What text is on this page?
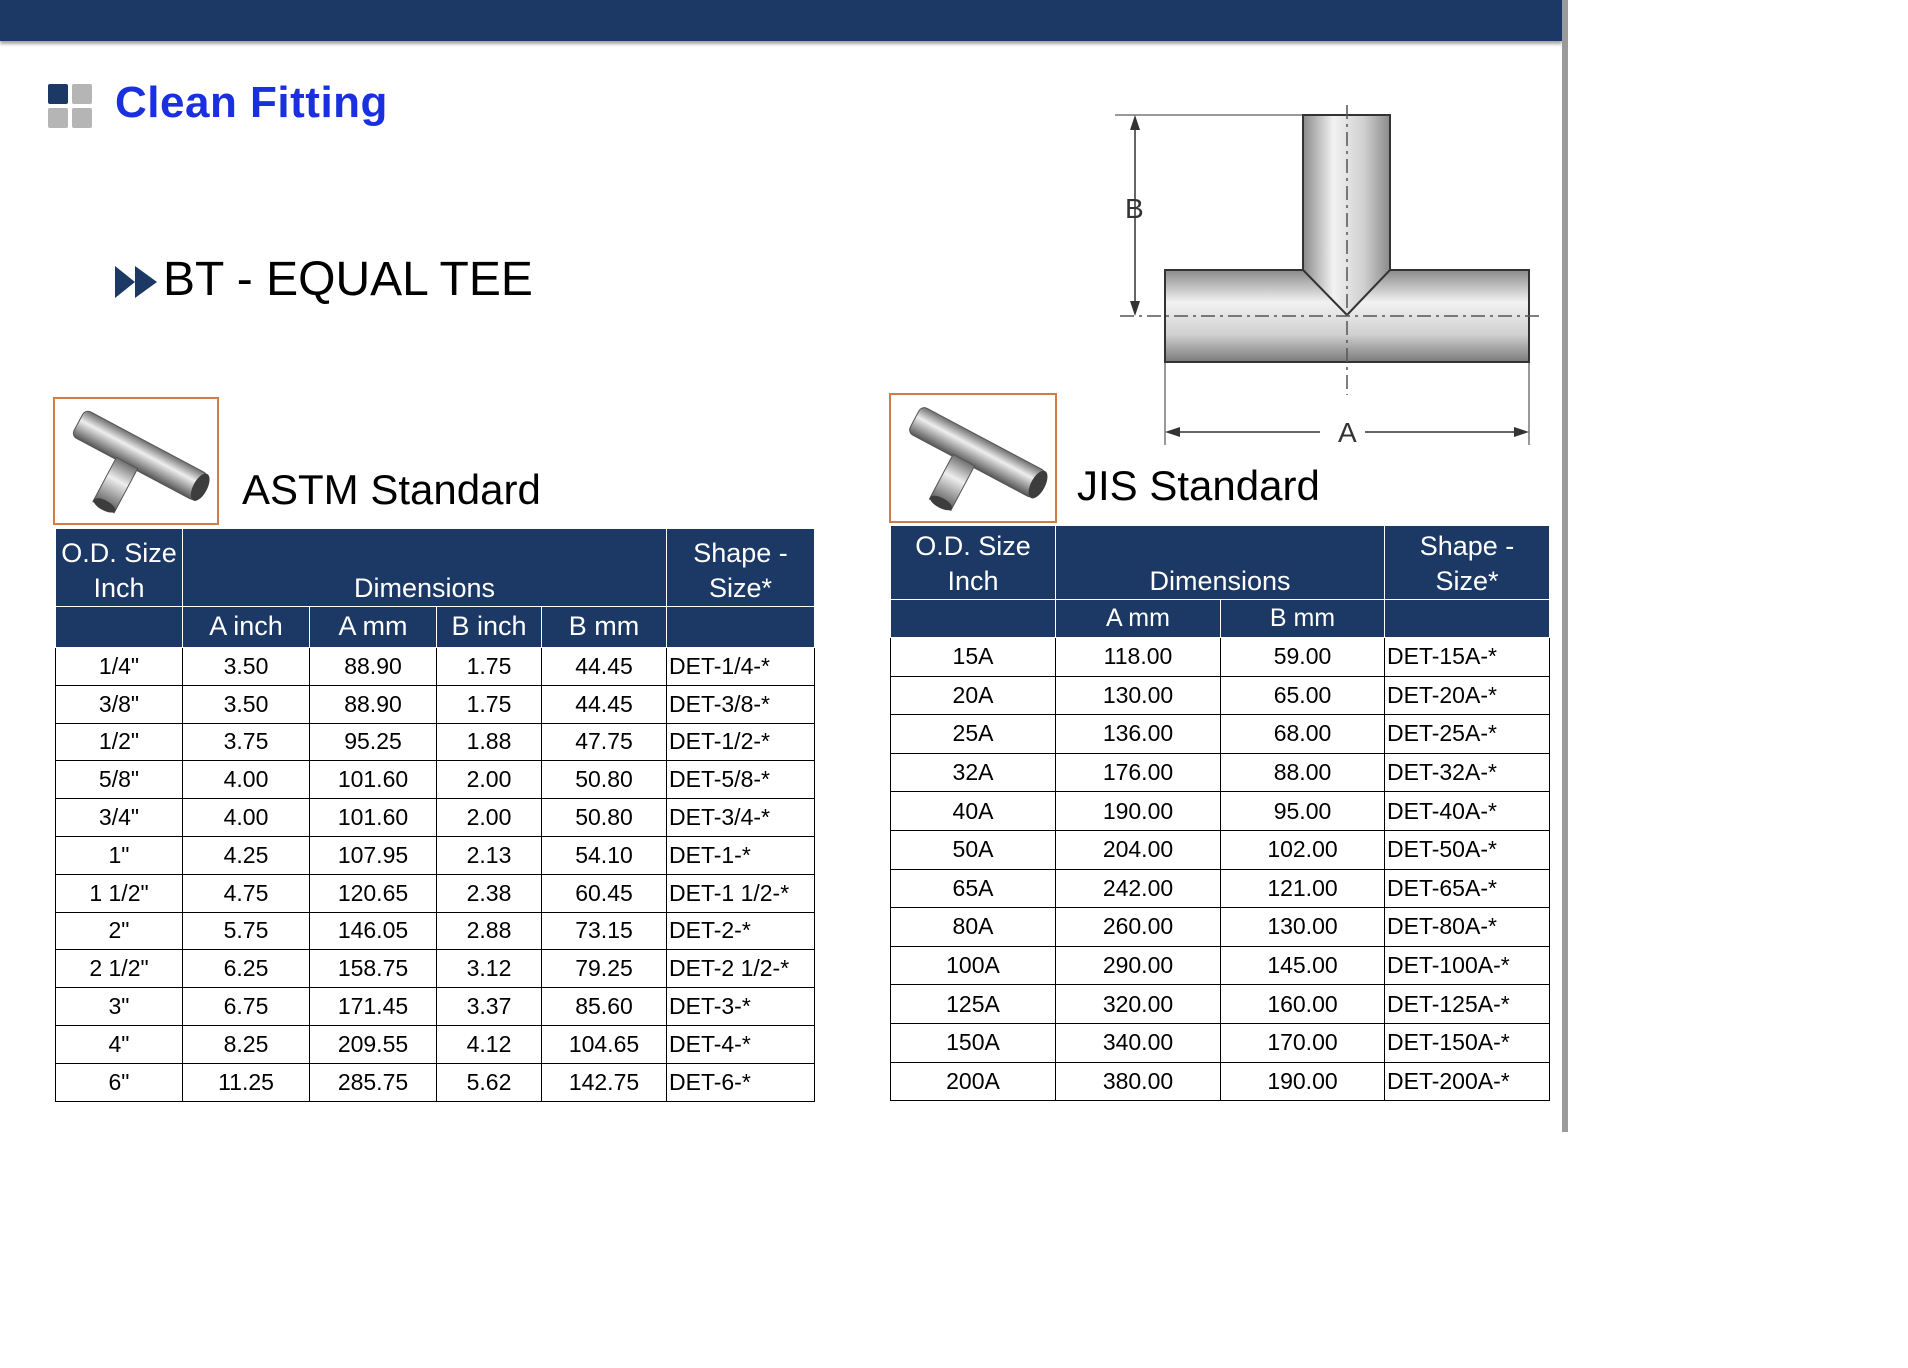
Clean Fitting
BT - EQUAL TEE
B
A
ASTM Standard	JIS Standard
O.D. Size Inch	Dimensions				Shape - Size*
	A inch	A mm	B inch	B mm	
1/4"	3.50	88.90	1.75	44.45	DET-1/4-*
3/8"	3.50	88.90	1.75	44.45	DET-3/8-*
1/2"	3.75	95.25	1.88	47.75	DET-1/2-*
5/8"	4.00	101.60	2.00	50.80	DET-5/8-*
3/4"	4.00	101.60	2.00	50.80	DET-3/4-*
1"	4.25	107.95	2.13	54.10	DET-1-*
1 1/2"	4.75	120.65	2.38	60.45	DET-1 1/2-*
2"	5.75	146.05	2.88	73.15	DET-2-*
2 1/2"	6.25	158.75	3.12	79.25	DET-2 1/2-*
3"	6.75	171.45	3.37	85.60	DET-3-*
4"	8.25	209.55	4.12	104.65	DET-4-*
6"	11.25	285.75	5.62	142.75	DET-6-*
O.D. Size Inch	Dimensions		Shape - Size*
	A mm	B mm	
15A	118.00	59.00	DET-15A-*
20A	130.00	65.00	DET-20A-*
25A	136.00	68.00	DET-25A-*
32A	176.00	88.00	DET-32A-*
40A	190.00	95.00	DET-40A-*
50A	204.00	102.00	DET-50A-*
65A	242.00	121.00	DET-65A-*
80A	260.00	130.00	DET-80A-*
100A	290.00	145.00	DET-100A-*
125A	320.00	160.00	DET-125A-*
150A	340.00	170.00	DET-150A-*
200A	380.00	190.00	DET-200A-*
